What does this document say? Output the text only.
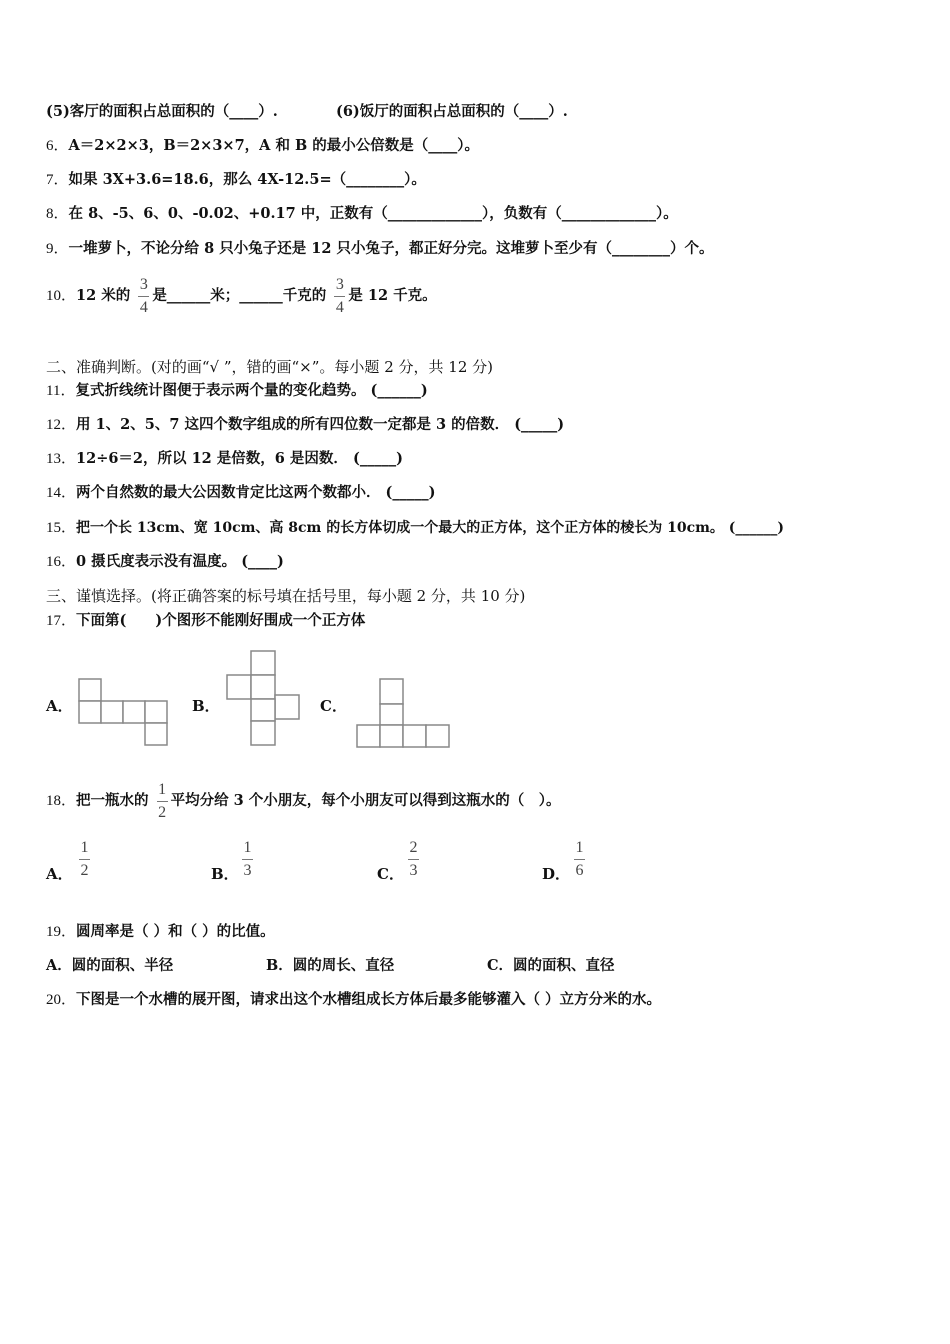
(5)客厅的面积占总面积的（____）.	(6)饭厅的面积占总面积的（____）.
6．A＝2×2×3，B＝2×3×7，A 和 B 的最小公倍数是（____）。
7．如果 3X+3.6=18.6，那么 4X-12.5=（________）。
8．在 8、-5、6、0、-0.02、+0.17 中，正数有（_____________），负数有（_____________）。
9．一堆萝卜，不论分给 8 只小兔子还是 12 只小兔子，都正好分完。这堆萝卜至少有（________）个。
10．12 米的 $\frac{3}{4}$ 是______米；______千克的 $\frac{3}{4}$ 是 12 千克。
二、准确判断。(对的画“√ ”，错的画“×”。每小题 2 分，共 12 分)
11．复式折线统计图便于表示两个量的变化趋势。 (______)
12．用 1、2、5、7 这四个数字组成的所有四位数一定都是 3 的倍数． (_____)
13．12÷6＝2，所以 12 是倍数，6 是因数． (_____)
14．两个自然数的最大公因数肯定比这两个数都小． (_____)
15．把一个长 13cm、宽 10cm、高 8cm 的长方体切成一个最大的正方体，这个正方体的棱长为 10cm。 (______)
16．0 摄氏度表示没有温度。 (____)
三、谨慎选择。(将正确答案的标号填在括号里，每小题 2 分，共 10 分)
17．下面第(　　)个图形不能刚好围成一个正方体
A．	B．	C．
18．把一瓶水的 $\frac{1}{2}$ 平均分给 3 个小朋友，每个小朋友可以得到这瓶水的（　）。
A．
1
2	B．
1
3	C．
2
3	D．
1
6
19．圆周率是（ ）和（ ）的比值。
A．圆的面积、半径	B．圆的周长、直径	C．圆的面积、直径
20．下图是一个水槽的展开图，请求出这个水槽组成长方体后最多能够灌入（ ）立方分米的水。
